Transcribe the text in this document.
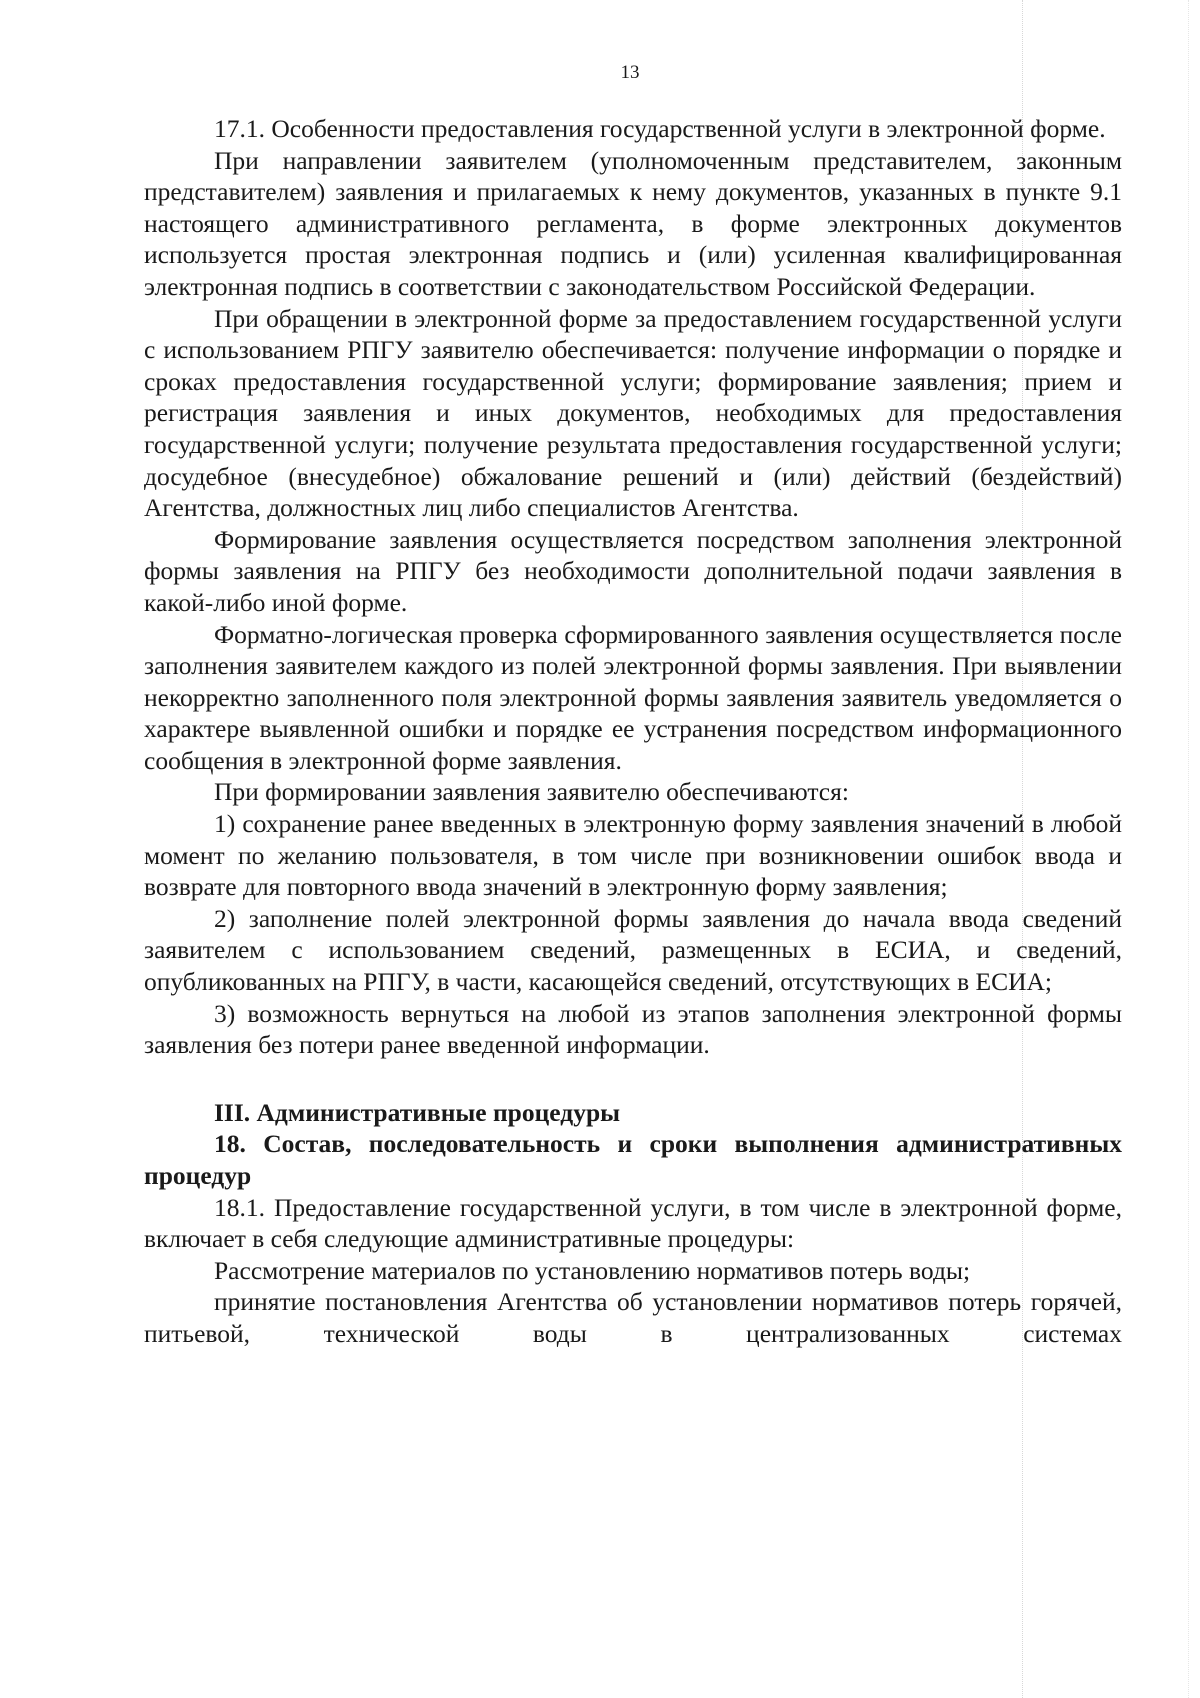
13

17.1. Особенности предоставления государственной услуги в электронной форме.

При направлении заявителем (уполномоченным представителем, законным представителем) заявления и прилагаемых к нему документов, указанных в пункте 9.1 настоящего административного регламента, в форме электронных документов используется простая электронная подпись и (или) усиленная квалифицированная электронная подпись в соответствии с законодательством Российской Федерации.

При обращении в электронной форме за предоставлением государственной услуги с использованием РПГУ заявителю обеспечивается: получение информации о порядке и сроках предоставления государственной услуги; формирование заявления; прием и регистрация заявления и иных документов, необходимых для предоставления государственной услуги; получение результата предоставления государственной услуги; досудебное (внесудебное) обжалование решений и (или) действий (бездействий) Агентства, должностных лиц либо специалистов Агентства.

Формирование заявления осуществляется посредством заполнения электронной формы заявления на РПГУ без необходимости дополнительной подачи заявления в какой-либо иной форме.

Форматно-логическая проверка сформированного заявления осуществляется после заполнения заявителем каждого из полей электронной формы заявления. При выявлении некорректно заполненного поля электронной формы заявления заявитель уведомляется о характере выявленной ошибки и порядке ее устранения посредством информационного сообщения в электронной форме заявления.

При формировании заявления заявителю обеспечиваются:

1) сохранение ранее введенных в электронную форму заявления значений в любой момент по желанию пользователя, в том числе при возникновении ошибок ввода и возврате для повторного ввода значений в электронную форму заявления;

2) заполнение полей электронной формы заявления до начала ввода сведений заявителем с использованием сведений, размещенных в ЕСИА, и сведений, опубликованных на РПГУ, в части, касающейся сведений, отсутствующих в ЕСИА;

3) возможность вернуться на любой из этапов заполнения электронной формы заявления без потери ранее введенной информации.

III. Административные процедуры

18. Состав, последовательность и сроки выполнения административных процедур

18.1. Предоставление государственной услуги, в том числе в электронной форме, включает в себя следующие административные процедуры:

Рассмотрение материалов по установлению нормативов потерь воды;

принятие постановления Агентства об установлении нормативов потерь горячей, питьевой, технической воды в централизованных системах
